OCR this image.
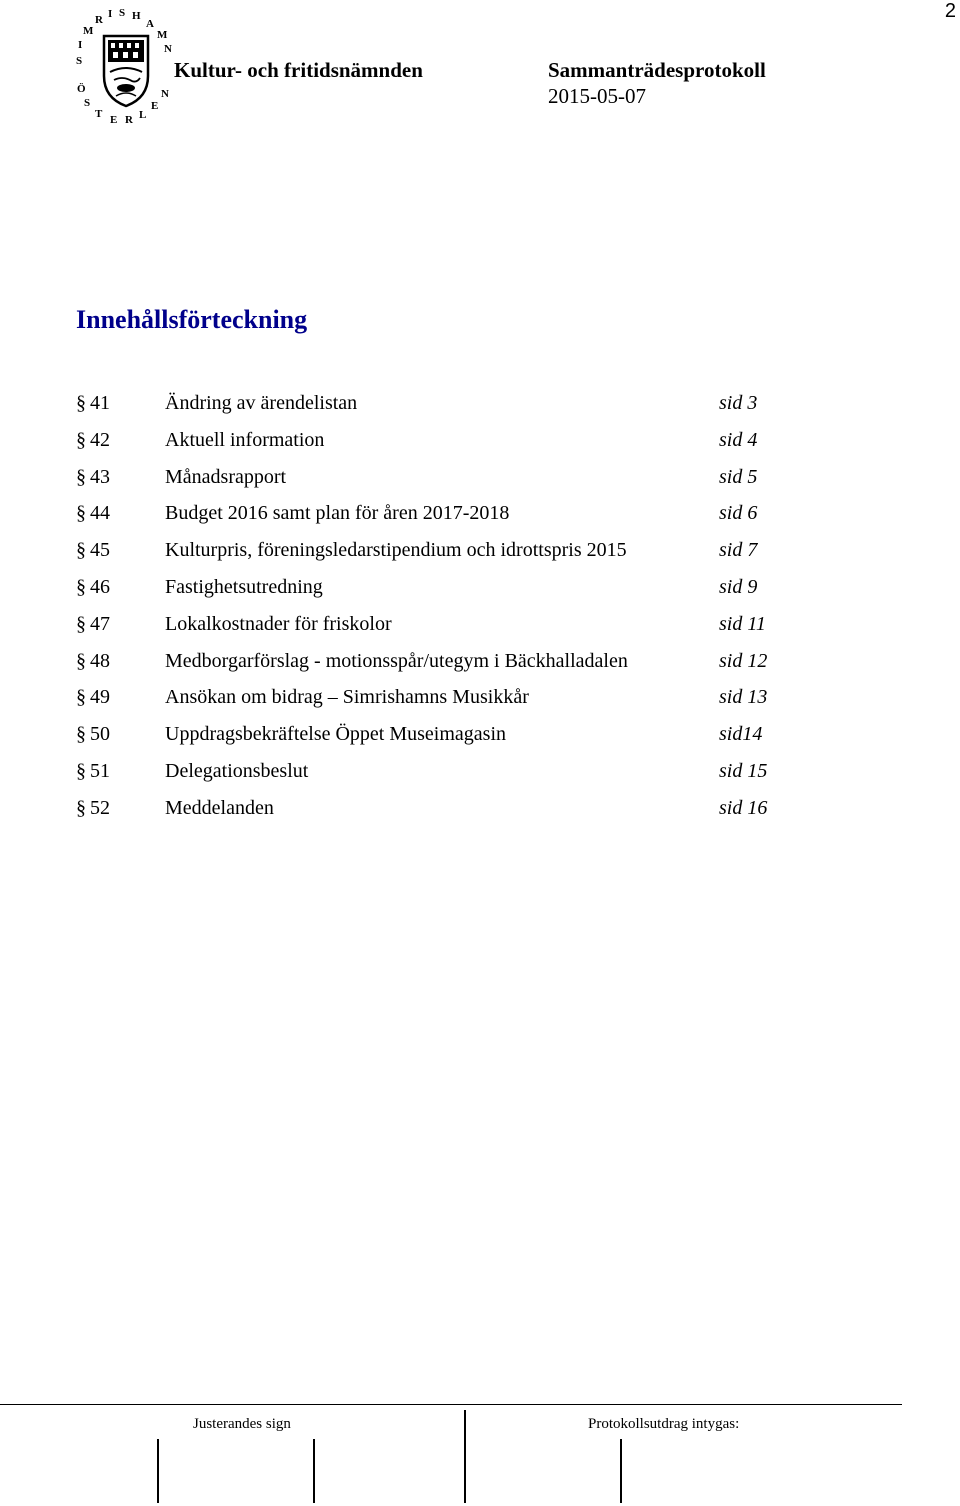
2
S
I
M
R I S H
A
M
N
Ö
S
T E R L
E
N
Kultur- och fritidsnämnden	Sammanträdesprotokoll
2015-05-07
Innehållsförteckning
§ 41	Ändring av ärendelistan	sid 3
§ 42	Aktuell information	sid 4
§ 43	Månadsrapport	sid 5
§ 44	Budget 2016 samt plan för åren 2017-2018	sid 6
§ 45	Kulturpris, föreningsledarstipendium och idrottspris 2015	sid 7
§ 46	Fastighetsutredning	sid 9
§ 47	Lokalkostnader för friskolor	sid 11
§ 48	Medborgarförslag - motionsspår/utegym i Bäckhalladalen	sid 12
§ 49	Ansökan om bidrag – Simrishamns Musikkår	sid 13
§ 50	Uppdragsbekräftelse Öppet Museimagasin	sid14
§ 51	Delegationsbeslut	sid 15
§ 52	Meddelanden	sid 16
Justerandes sign	Protokollsutdrag intygas:
